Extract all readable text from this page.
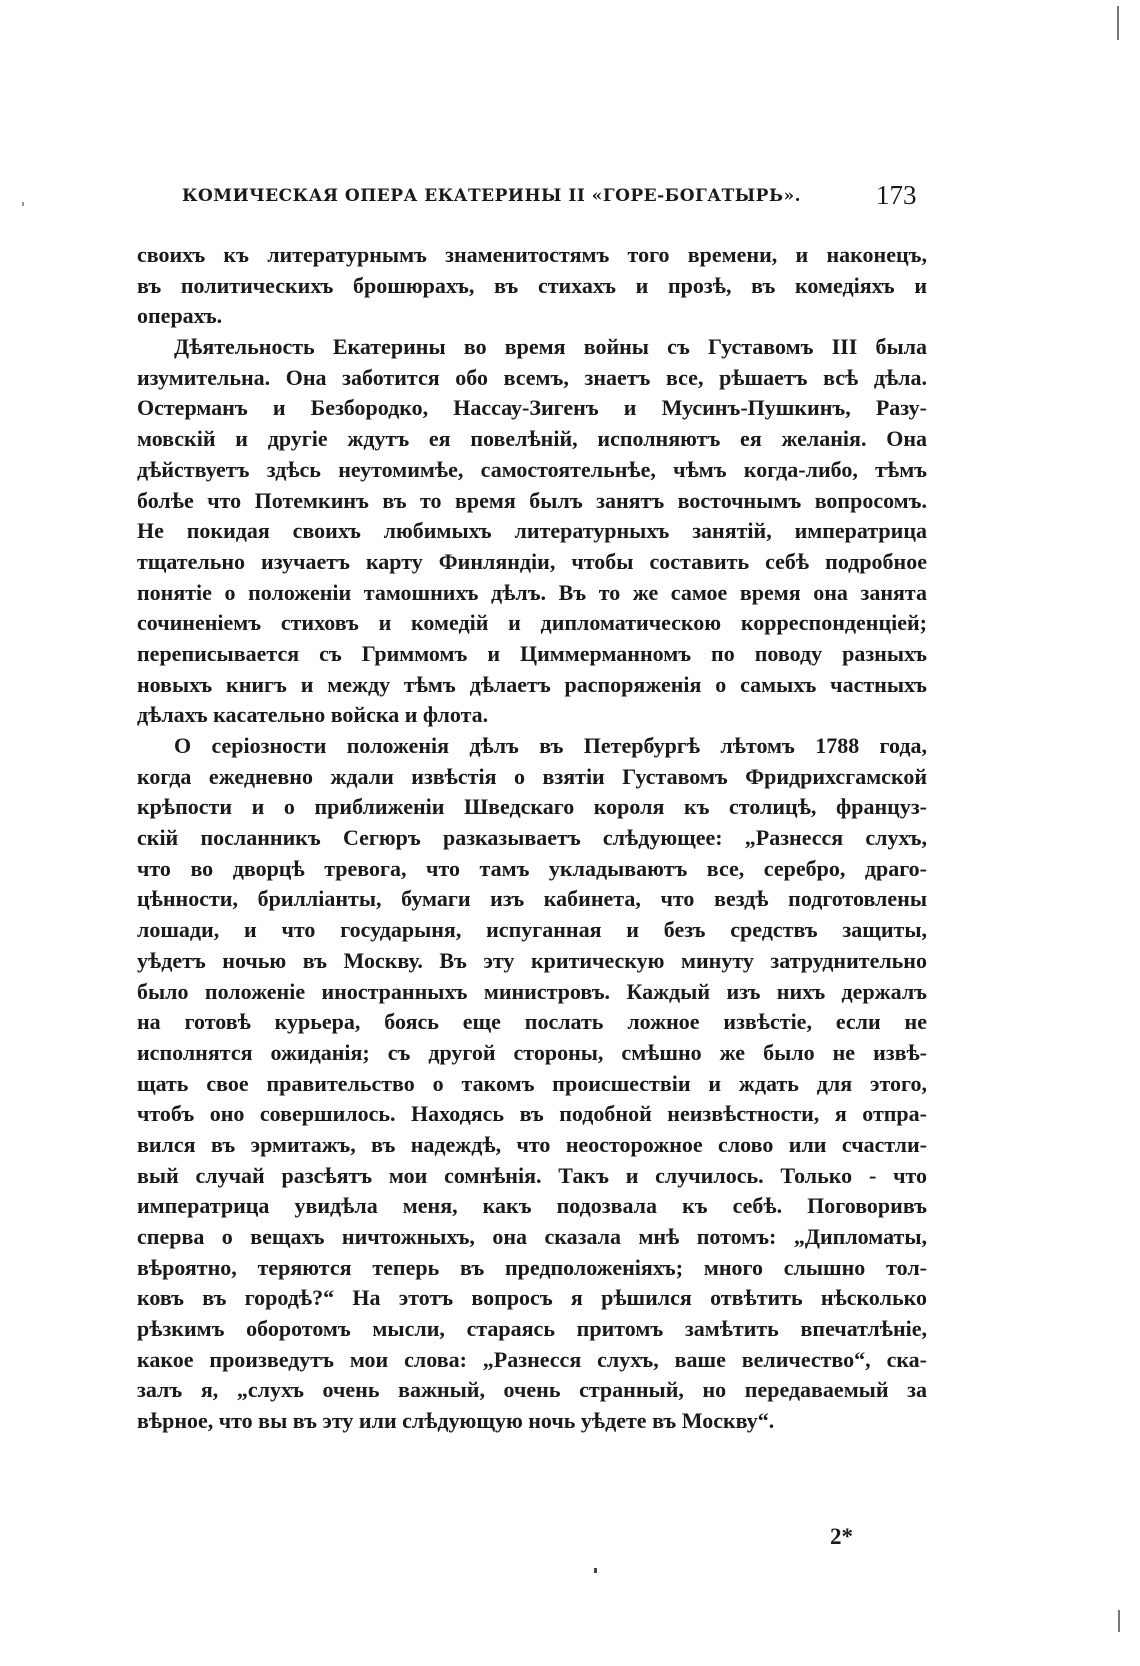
КОМИЧЕСКАЯ ОПЕРА ЕКАТЕРИНЫ II «ГОРЕ-БОГАТЫРЬ».	173
своихъ къ литературнымъ знаменитостямъ того времени, и наконецъ,
въ политическихъ брошюрахъ, въ стихахъ и прозѣ, въ комедіяхъ и
операхъ.
Дѣятельность Екатерины во время войны съ Густавомъ III была
изумительна. Она заботится обо всемъ, знаетъ все, рѣшаетъ всѣ дѣла.
Остерманъ и Безбородко, Нассау-Зигенъ и Мусинъ-Пушкинъ, Разу-
мовскій и другіе ждутъ ея повелѣній, исполняютъ ея желанія. Она
дѣйствуетъ здѣсь неутомимѣе, самостоятельнѣе, чѣмъ когда-либо, тѣмъ
болѣе что Потемкинъ въ то время былъ занятъ восточнымъ вопросомъ.
Не покидая своихъ любимыхъ литературныхъ занятій, императрица
тщательно изучаетъ карту Финляндіи, чтобы составить себѣ подробное
понятіе о положеніи тамошнихъ дѣлъ. Въ то же самое время она занята
сочиненіемъ стиховъ и комедій и дипломатическою корреспонденціей;
переписывается съ Гриммомъ и Циммерманномъ по поводу разныхъ
новыхъ книгъ и между тѣмъ дѣлаетъ распоряженія о самыхъ частныхъ
дѣлахъ касательно войска и флота.
О серіозности положенія дѣлъ въ Петербургѣ лѣтомъ 1788 года,
когда ежедневно ждали извѣстія о взятіи Густавомъ Фридрихсгамской
крѣпости и о приближеніи Шведскаго короля къ столицѣ, француз-
скій посланникъ Сегюръ разказываетъ слѣдующее: „Разнесся слухъ,
что во дворцѣ тревога, что тамъ укладываютъ все, серебро, драго-
цѣнности, брилліанты, бумаги изъ кабинета, что вездѣ подготовлены
лошади, и что государыня, испуганная и безъ средствъ защиты,
уѣдетъ ночью въ Москву. Въ эту критическую минуту затруднительно
было положеніе иностранныхъ министровъ. Каждый изъ нихъ держалъ
на готовѣ курьера, боясь еще послать ложное извѣстіе, если не
исполнятся ожиданія; съ другой стороны, смѣшно же было не извѣ-
щать свое правительство о такомъ происшествіи и ждать для этого,
чтобъ оно совершилось. Находясь въ подобной неизвѣстности, я отпра-
вился въ эрмитажъ, въ надеждѣ, что неосторожное слово или счастли-
вый случай разсѣятъ мои сомнѣнія. Такъ и случилось. Только - что
императрица увидѣла меня, какъ подозвала къ себѣ. Поговоривъ
сперва о вещахъ ничтожныхъ, она сказала мнѣ потомъ: „Дипломаты,
вѣроятно, теряются теперь въ предположеніяхъ; много слышно тол-
ковъ въ городѣ?“ На этотъ вопросъ я рѣшился отвѣтить нѣсколько
рѣзкимъ оборотомъ мысли, стараясь притомъ замѣтить впечатлѣніе,
какое произведутъ мои слова: „Разнесся слухъ, ваше величество“, ска-
залъ я, „слухъ очень важный, очень странный, но передаваемый за
вѣрное, что вы въ эту или слѣдующую ночь уѣдете въ Москву“.
2*
